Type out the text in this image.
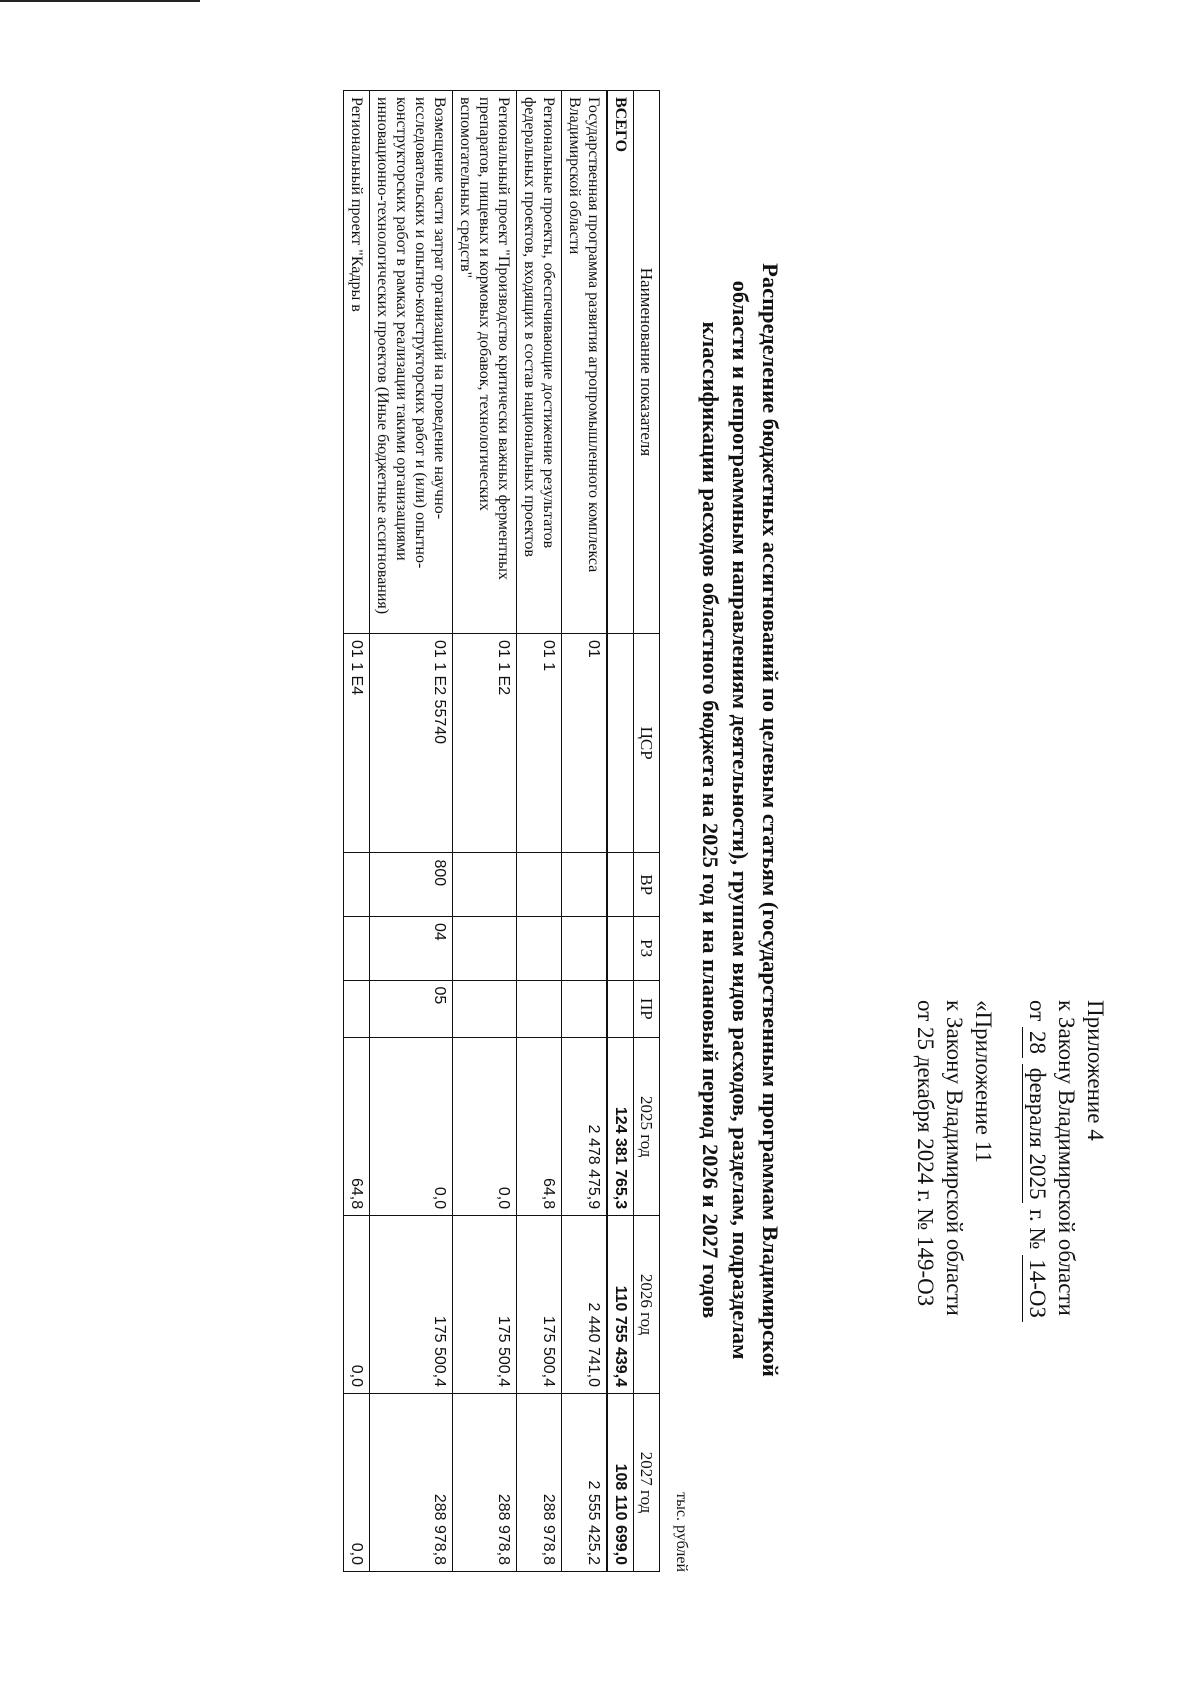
Приложение 4
к Закону Владимирской области
от 28 февраля 2025 г. № 14-ОЗ
«Приложение 11
к Закону Владимирской области
от 25 декабря 2024 г. № 149-ОЗ
Распределение бюджетных ассигнований по целевым статьям (государственным программам Владимирской
области и непрограммным направлениям деятельности), группам видов расходов, разделам, подразделам
классификации расходов областного бюджета на 2025 год и на плановый период 2026 и 2027 годов
тыс. рублей
Наименование показателя	ЦСР	ВР	РЗ	ПР	2025 год	2026 год	2027 год
ВСЕГО					124 381 765,3	110 755 439,4	108 110 699,0
Государственная программа развития агропромышленного комплекса Владимирской области	01				2 478 475,9	2 440 741,0	2 555 425,2
Региональные проекты, обеспечивающие достижение результатов федеральных проектов, входящих в состав национальных проектов	01 1				64,8	175 500,4	288 978,8
Региональный проект "Производство критически важных ферментных препаратов, пищевых и кормовых добавок, технологических вспомогательных средств"	01 1 Е2				0,0	175 500,4	288 978,8
Возмещение части затрат организаций на проведение научно-исследовательских и опытно-конструкторских работ и (или) опытно-конструкторских работ в рамках реализации такими организациями инновационно-технологических проектов (Иные бюджетные ассигнования)	01 1 Е2 55740	800	04	05	0,0	175 500,4	288 978,8
Региональный проект "Кадры в	01 1 Е4				64,8	0,0	0,0
